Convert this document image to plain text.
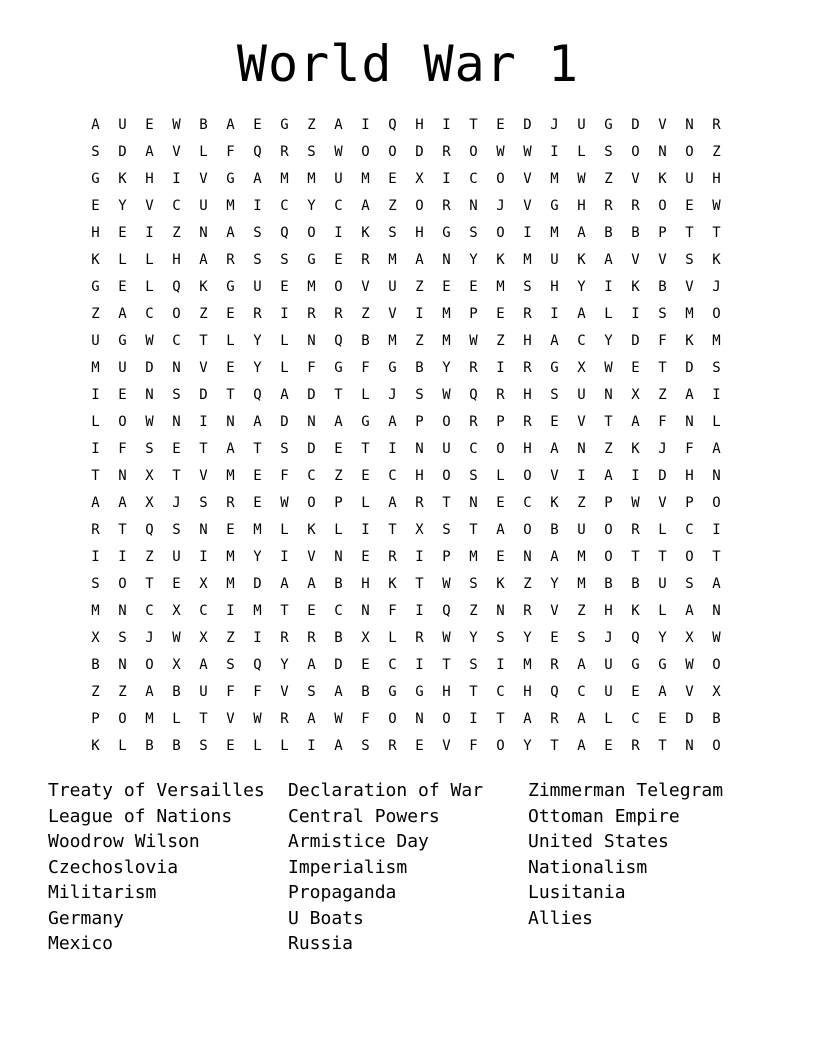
World War 1
A	U	E	W	B	A	E	G	Z	A	I	Q	H	I	T	E	D	J	U	G	D	V	N	R
S	D	A	V	L	F	Q	R	S	W	O	O	D	R	O	W	W	I	L	S	O	N	O	Z
G	K	H	I	V	G	A	M	M	U	M	E	X	I	C	O	V	M	W	Z	V	K	U	H
E	Y	V	C	U	M	I	C	Y	C	A	Z	O	R	N	J	V	G	H	R	R	O	E	W
H	E	I	Z	N	A	S	Q	O	I	K	S	H	G	S	O	I	M	A	B	B	P	T	T
K	L	L	H	A	R	S	S	G	E	R	M	A	N	Y	K	M	U	K	A	V	V	S	K
G	E	L	Q	K	G	U	E	M	O	V	U	Z	E	E	M	S	H	Y	I	K	B	V	J
Z	A	C	O	Z	E	R	I	R	R	Z	V	I	M	P	E	R	I	A	L	I	S	M	O
U	G	W	C	T	L	Y	L	N	Q	B	M	Z	M	W	Z	H	A	C	Y	D	F	K	M
M	U	D	N	V	E	Y	L	F	G	F	G	B	Y	R	I	R	G	X	W	E	T	D	S
I	E	N	S	D	T	Q	A	D	T	L	J	S	W	Q	R	H	S	U	N	X	Z	A	I
L	O	W	N	I	N	A	D	N	A	G	A	P	O	R	P	R	E	V	T	A	F	N	L
I	F	S	E	T	A	T	S	D	E	T	I	N	U	C	O	H	A	N	Z	K	J	F	A
T	N	X	T	V	M	E	F	C	Z	E	C	H	O	S	L	O	V	I	A	I	D	H	N
A	A	X	J	S	R	E	W	O	P	L	A	R	T	N	E	C	K	Z	P	W	V	P	O
R	T	Q	S	N	E	M	L	K	L	I	T	X	S	T	A	O	B	U	O	R	L	C	I
I	I	Z	U	I	M	Y	I	V	N	E	R	I	P	M	E	N	A	M	O	T	T	O	T
S	O	T	E	X	M	D	A	A	B	H	K	T	W	S	K	Z	Y	M	B	B	U	S	A
M	N	C	X	C	I	M	T	E	C	N	F	I	Q	Z	N	R	V	Z	H	K	L	A	N
X	S	J	W	X	Z	I	R	R	B	X	L	R	W	Y	S	Y	E	S	J	Q	Y	X	W
B	N	O	X	A	S	Q	Y	A	D	E	C	I	T	S	I	M	R	A	U	G	G	W	O
Z	Z	A	B	U	F	F	V	S	A	B	G	G	H	T	C	H	Q	C	U	E	A	V	X
P	O	M	L	T	V	W	R	A	W	F	O	N	O	I	T	A	R	A	L	C	E	D	B
K	L	B	B	S	E	L	L	I	A	S	R	E	V	F	O	Y	T	A	E	R	T	N	O
Treaty of Versailles
League of Nations
Woodrow Wilson
Czechoslovia
Militarism
Germany
Mexico
Declaration of War
Central Powers
Armistice Day
Imperialism
Propaganda
U Boats
Russia
Zimmerman Telegram
Ottoman Empire
United States
Nationalism
Lusitania
Allies
